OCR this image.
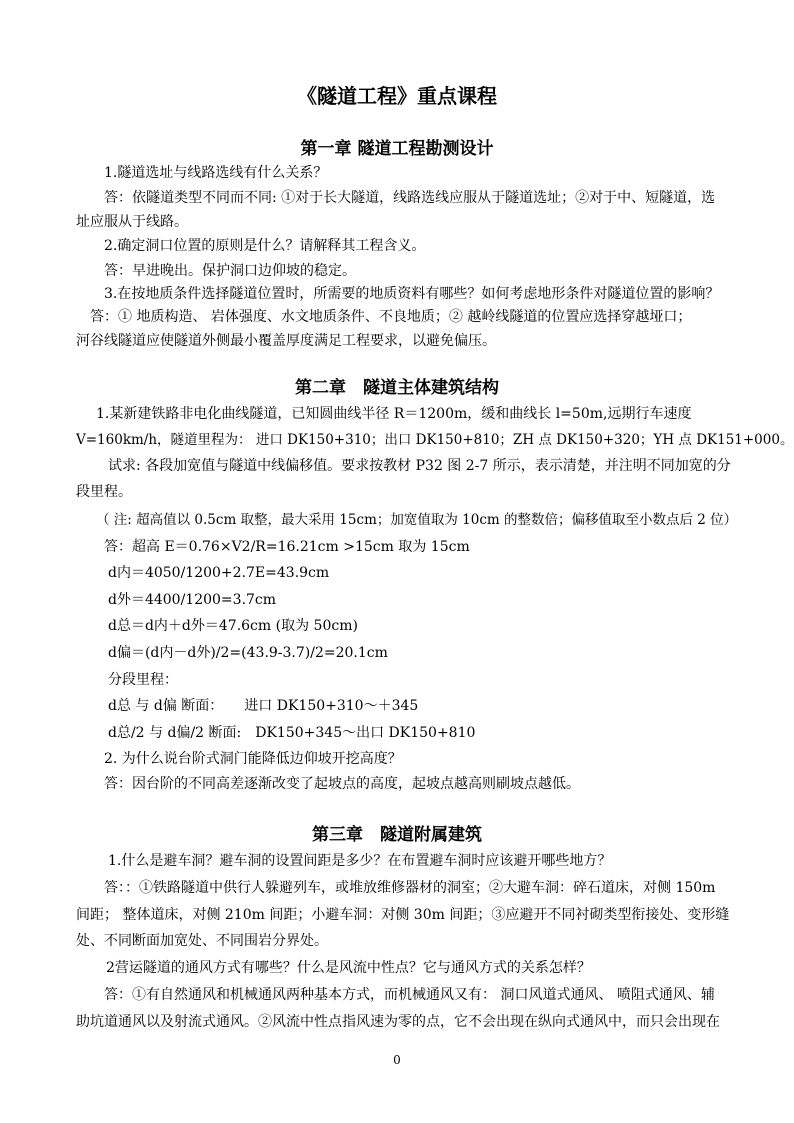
《隧道工程》重点课程
第一章 隧道工程勘测设计
1.隧道选址与线路选线有什么关系？
答：依隧道类型不同而不同: ①对于长大隧道，线路选线应服从于隧道选址；②对于中、短隧道，选
址应服从于线路。
2.确定洞口位置的原则是什么？请解释其工程含义。
答：早进晚出。保护洞口边仰坡的稳定。
3.在按地质条件选择隧道位置时，所需要的地质资料有哪些？如何考虑地形条件对隧道位置的影响？
答：① 地质构造、 岩体强度、水文地质条件、不良地质；② 越岭线隧道的位置应选择穿越垭口；
河谷线隧道应使隧道外侧最小覆盖厚度满足工程要求，以避免偏压。
第二章　隧道主体建筑结构
1.某新建铁路非电化曲线隧道，已知圆曲线半径 R＝1200m，缓和曲线长 l=50m,远期行车速度
V=160km/h，隧道里程为： 进口 DK150+310；出口 DK150+810；ZH 点 DK150+320；YH 点 DK151+000。
试求: 各段加宽值与隧道中线偏移值。要求按教材 P32 图 2-7 所示，表示清楚，并注明不同加宽的分
段里程。
（ 注: 超高值以 0.5cm 取整，最大采用 15cm；加宽值取为 10cm 的整数倍；偏移值取至小数点后 2 位）
答：超高 E＝0.76×V2/R=16.21cm >15cm 取为 15cm
d内＝4050/1200+2.7E=43.9cm
d外＝4400/1200=3.7cm
d总＝d内＋d外＝47.6cm (取为 50cm)
d偏＝(d内－d外)/2=(43.9-3.7)/2=20.1cm
分段里程：
d总 与 d偏 断面：　　进口 DK150+310～＋345
d总/2 与 d偏/2 断面:　DK150+345～出口 DK150+810
2. 为什么说台阶式洞门能降低边仰坡开挖高度？
答：因台阶的不同高差逐渐改变了起坡点的高度，起坡点越高则刷坡点越低。
第三章　隧道附属建筑
1.什么是避车洞？避车洞的设置间距是多少？在布置避车洞时应该避开哪些地方？
答：：①铁路隧道中供行人躲避列车，或堆放维修器材的洞室；②大避车洞：碎石道床，对侧 150m
间距； 整体道床，对侧 210m 间距；小避车洞：对侧 30m 间距；③应避开不同衬砌类型衔接处、变形缝
处、不同断面加宽处、不同围岩分界处。
2营运隧道的通风方式有哪些？什么是风流中性点？它与通风方式的关系怎样？
答：①有自然通风和机械通风两种基本方式，而机械通风又有： 洞口风道式通风、 喷阻式通风、辅
助坑道通风以及射流式通风。②风流中性点指风速为零的点，它不会出现在纵向式通风中，而只会出现在
0
